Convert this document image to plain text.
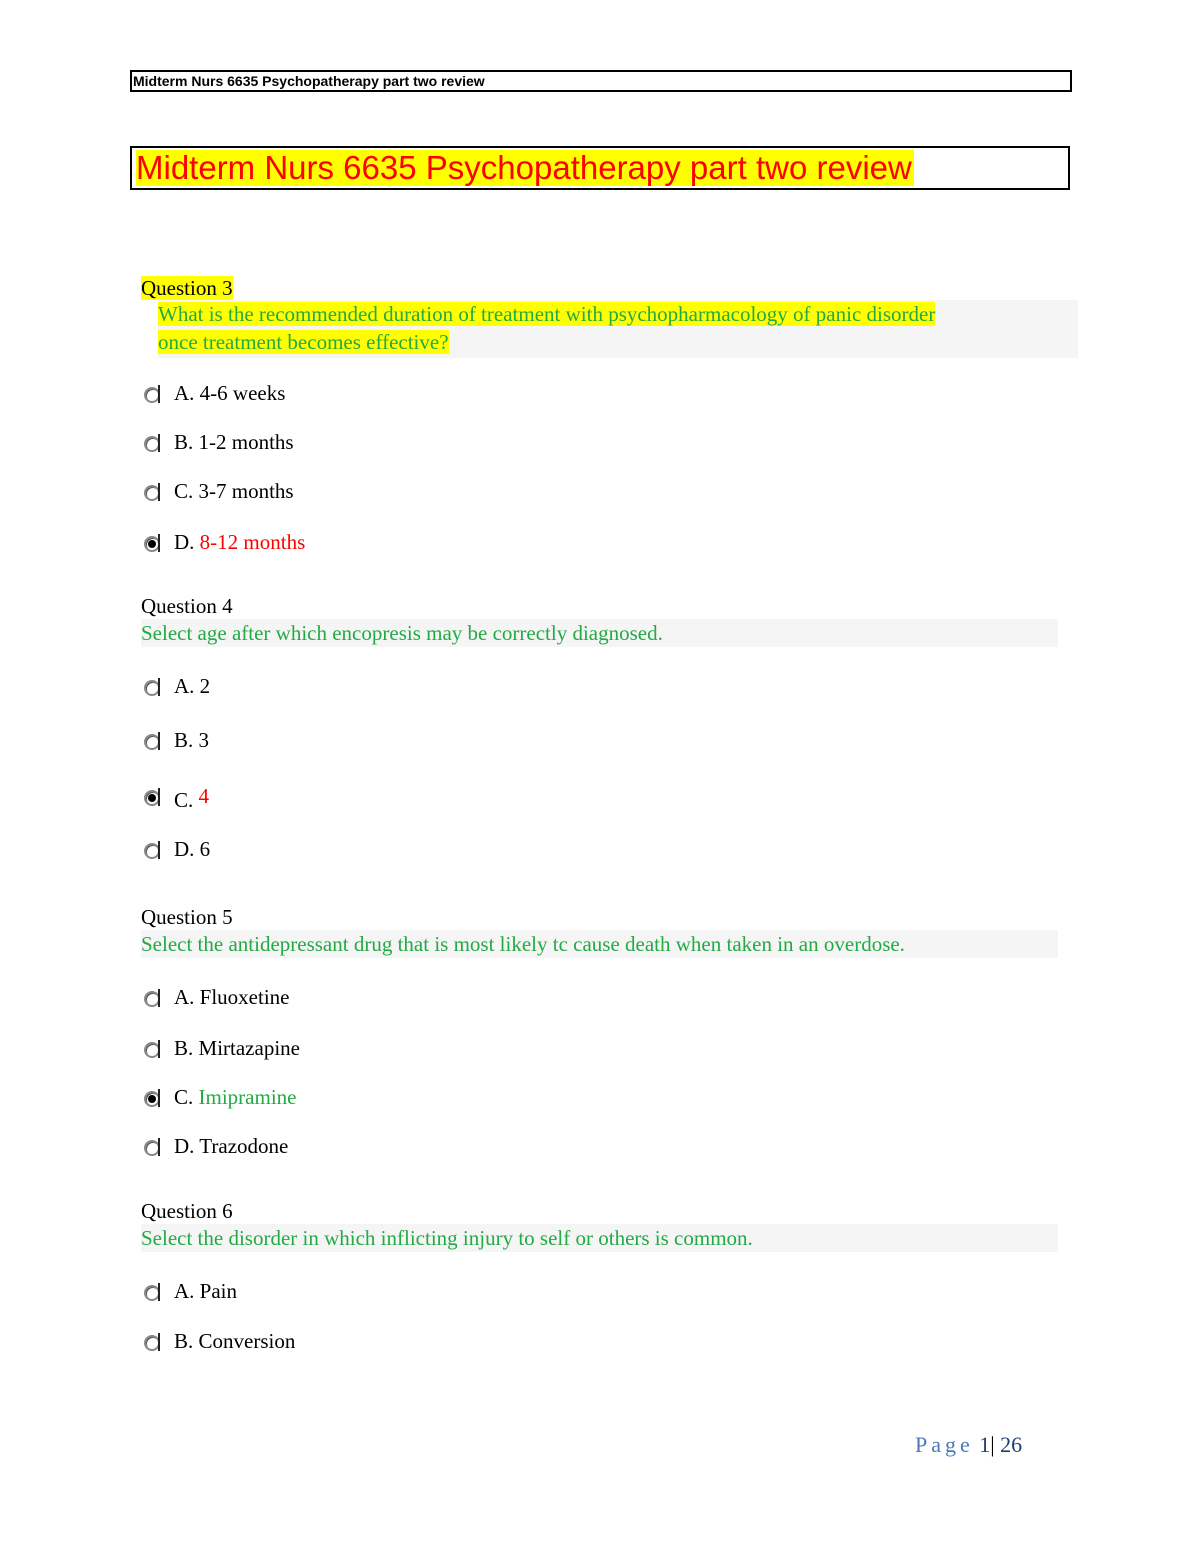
Midterm Nurs 6635 Psychopatherapy part two review
Midterm Nurs 6635 Psychopatherapy part two review
Question 3
What is the recommended duration of treatment with psychopharmacology of panic disorder
once treatment becomes effective?
A. 4-6 weeks
B. 1-2 months
C. 3-7 months
D. 8-12 months
Question 4
Select age after which encopresis may be correctly diagnosed.
A. 2
B. 3
C. 4
D. 6
Question 5
Select the antidepressant drug that is most likely tc cause death when taken in an overdose.
A. Fluoxetine
B. Mirtazapine
C. Imipramine
D. Trazodone
Question 6
Select the disorder in which inflicting injury to self or others is common.
A. Pain
B. Conversion
Page 1| 26
